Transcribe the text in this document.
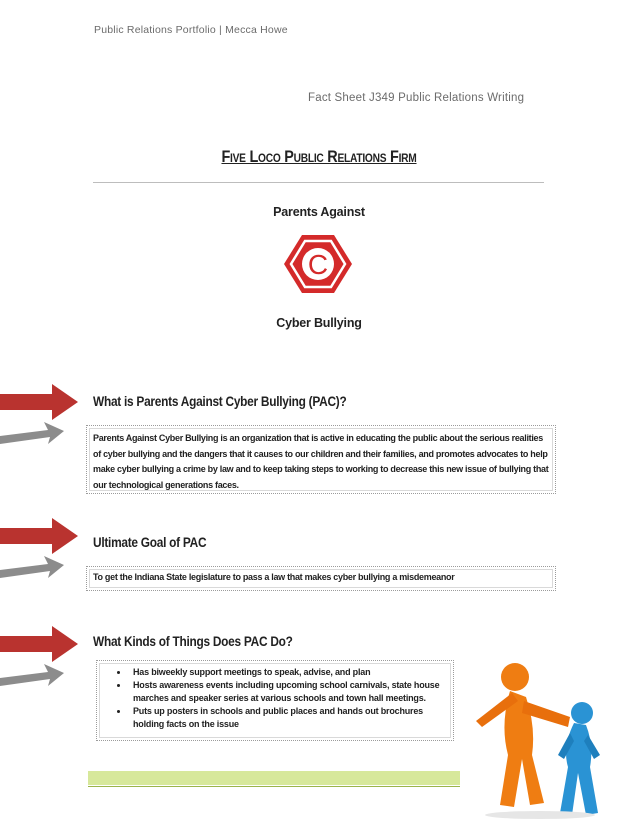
Public Relations Portfolio | Mecca Howe
Fact Sheet J349 Public Relations Writing
Five Loco Public Relations Firm
Parents Against
C
Cyber Bullying
What is Parents Against Cyber Bullying (PAC)?
Parents Against Cyber Bullying is an organization that is active in educating the public about the serious realities of cyber bullying and the dangers that it causes to our children and their families, and promotes advocates to help make cyber bullying a crime by law and to keep taking steps to working to decrease this new issue of bullying that our technological generations faces.
Ultimate Goal of PAC
To get the Indiana State legislature to pass a law that makes cyber bullying a misdemeanor
What Kinds of Things Does PAC Do?
• Has biweekly support meetings to speak, advise, and plan
• Hosts awareness events including upcoming school carnivals, state house marches and speaker series at various schools and town hall meetings.
• Puts up posters in schools and public places and hands out brochures holding facts on the issue
